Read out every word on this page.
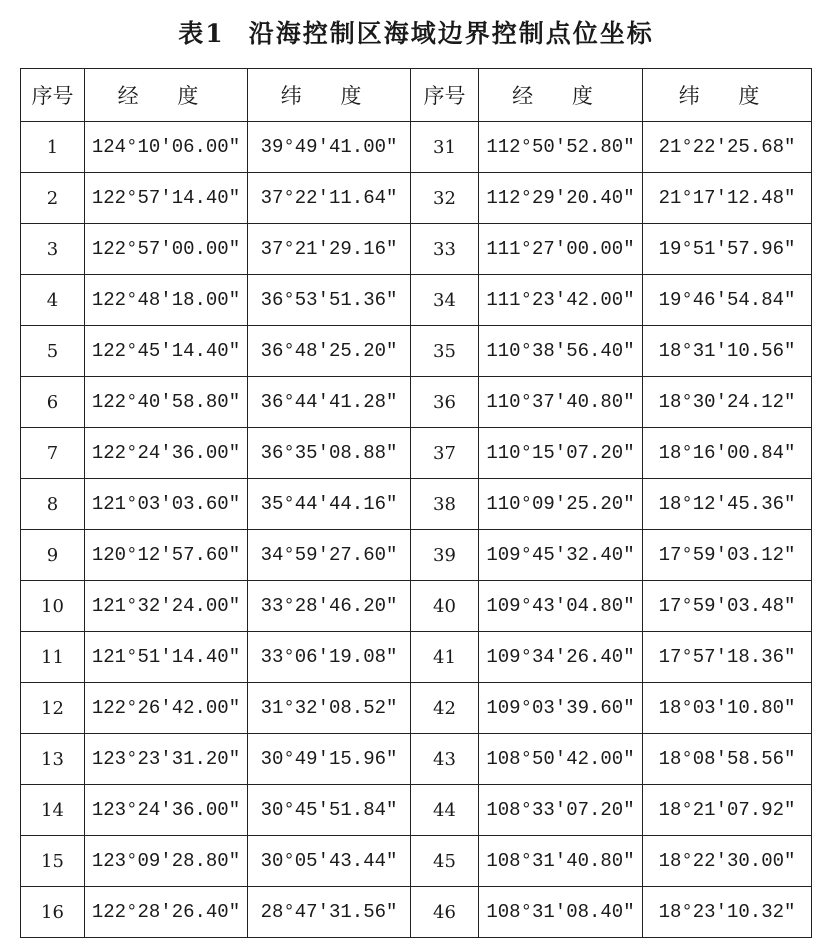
表1 沿海控制区海域边界控制点位坐标
序号	经 度	纬 度	序号	经 度	纬 度
1	124°10′06.00″	39°49′41.00″	31	112°50′52.80″	21°22′25.68″
2	122°57′14.40″	37°22′11.64″	32	112°29′20.40″	21°17′12.48″
3	122°57′00.00″	37°21′29.16″	33	111°27′00.00″	19°51′57.96″
4	122°48′18.00″	36°53′51.36″	34	111°23′42.00″	19°46′54.84″
5	122°45′14.40″	36°48′25.20″	35	110°38′56.40″	18°31′10.56″
6	122°40′58.80″	36°44′41.28″	36	110°37′40.80″	18°30′24.12″
7	122°24′36.00″	36°35′08.88″	37	110°15′07.20″	18°16′00.84″
8	121°03′03.60″	35°44′44.16″	38	110°09′25.20″	18°12′45.36″
9	120°12′57.60″	34°59′27.60″	39	109°45′32.40″	17°59′03.12″
10	121°32′24.00″	33°28′46.20″	40	109°43′04.80″	17°59′03.48″
11	121°51′14.40″	33°06′19.08″	41	109°34′26.40″	17°57′18.36″
12	122°26′42.00″	31°32′08.52″	42	109°03′39.60″	18°03′10.80″
13	123°23′31.20″	30°49′15.96″	43	108°50′42.00″	18°08′58.56″
14	123°24′36.00″	30°45′51.84″	44	108°33′07.20″	18°21′07.92″
15	123°09′28.80″	30°05′43.44″	45	108°31′40.80″	18°22′30.00″
16	122°28′26.40″	28°47′31.56″	46	108°31′08.40″	18°23′10.32″
